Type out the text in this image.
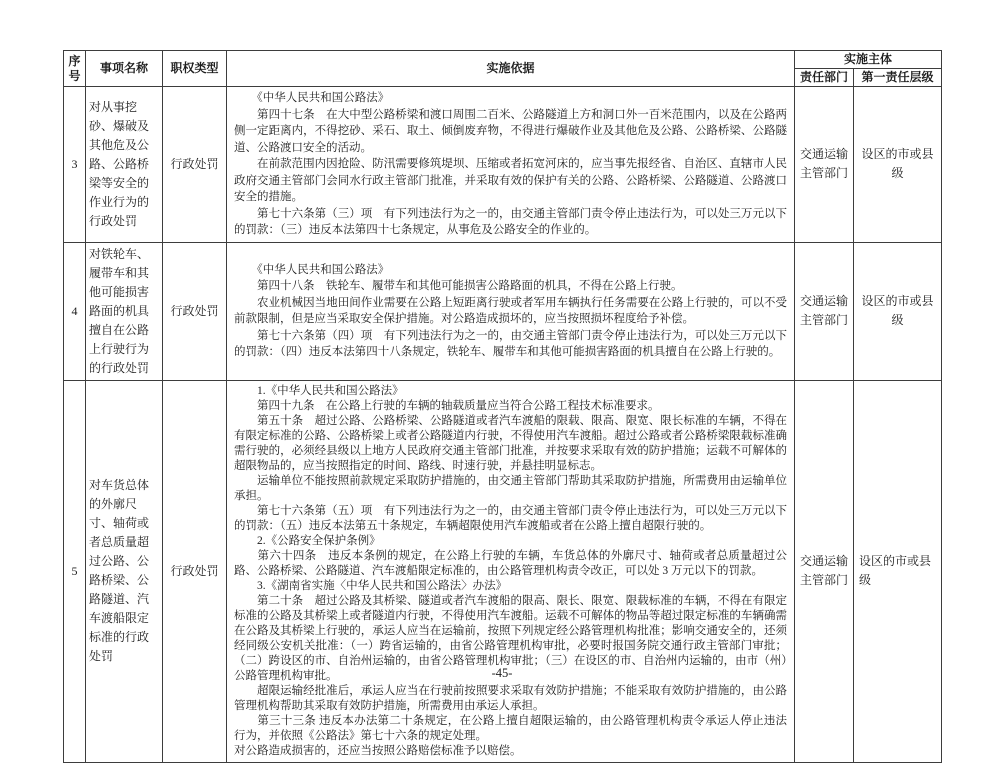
序号	事项名称	职权类型	实施依据	实施主体	
				责任部门	第一责任层级
3	对从事挖砂、爆破及其他危及公路、公路桥梁等安全的作业行为的行政处罚	行政处罚	　　《中华人民共和国公路法》

　　第四十七条　在大中型公路桥梁和渡口周围二百米、公路隧道上方和洞口外一百米范围内，以及在公路两侧一定距离内，不得挖砂、采石、取土、倾倒废弃物，不得进行爆破作业及其他危及公路、公路桥梁、公路隧道、公路渡口安全的活动。

　　在前款范围内因抢险、防汛需要修筑堤坝、压缩或者拓宽河床的，应当事先报经省、自治区、直辖市人民政府交通主管部门会同水行政主管部门批准，并采取有效的保护有关的公路、公路桥梁、公路隧道、公路渡口安全的措施。

　　第七十六条第（三）项　有下列违法行为之一的，由交通主管部门责令停止违法行为，可以处三万元以下的罚款：（三）违反本法第四十七条规定，从事危及公路安全的作业的。	交通运输主管部门	设区的市或县级
4	对铁轮车、履带车和其他可能损害路面的机具擅自在公路上行驶行为的行政处罚	行政处罚	　　《中华人民共和国公路法》

　　第四十八条　铁轮车、履带车和其他可能损害公路路面的机具，不得在公路上行驶。

　　农业机械因当地田间作业需要在公路上短距离行驶或者军用车辆执行任务需要在公路上行驶的，可以不受前款限制，但是应当采取安全保护措施。对公路造成损坏的，应当按照损坏程度给予补偿。

　　第七十六条第（四）项　有下列违法行为之一的，由交通主管部门责令停止违法行为，可以处三万元以下的罚款：（四）违反本法第四十八条规定，铁轮车、履带车和其他可能损害路面的机具擅自在公路上行驶的。	交通运输主管部门	设区的市或县级
5	对车货总体的外廓尺寸、轴荷或者总质量超过公路、公路桥梁、公路隧道、汽车渡船限定标准的行政处罚	行政处罚	

　　1.《中华人民共和国公路法》

　　第四十九条　在公路上行驶的车辆的轴载质量应当符合公路工程技术标准要求。

　　第五十条　超过公路、公路桥梁、公路隧道或者汽车渡船的限载、限高、限宽、限长标准的车辆，不得在有限定标准的公路、公路桥梁上或者公路隧道内行驶，不得使用汽车渡船。超过公路或者公路桥梁限载标准确需行驶的，必须经县级以上地方人民政府交通主管部门批准，并按要求采取有效的防护措施；运载不可解体的超限物品的，应当按照指定的时间、路线、时速行驶，并悬挂明显标志。

　　运输单位不能按照前款规定采取防护措施的，由交通主管部门帮助其采取防护措施，所需费用由运输单位承担。

　　第七十六条第（五）项　有下列违法行为之一的，由交通主管部门责令停止违法行为，可以处三万元以下的罚款：（五）违反本法第五十条规定，车辆超限使用汽车渡船或者在公路上擅自超限行驶的。

　　2.《公路安全保护条例》

　　第六十四条　违反本条例的规定，在公路上行驶的车辆，车货总体的外廓尺寸、轴荷或者总质量超过公路、公路桥梁、公路隧道、汽车渡船限定标准的，由公路管理机构责令改正，可以处 3 万元以下的罚款。

　　3.《湖南省实施〈中华人民共和国公路法〉办法》

　　第二十条　超过公路及其桥梁、隧道或者汽车渡船的限高、限长、限宽、限载标准的车辆，不得在有限定标准的公路及其桥梁上或者隧道内行驶，不得使用汽车渡船。运载不可解体的物品等超过限定标准的车辆确需在公路及其桥梁上行驶的，承运人应当在运输前，按照下列规定经公路管理机构批准；影响交通安全的，还须经同级公安机关批准：（一）跨省运输的，由省公路管理机构审批，必要时报国务院交通行政主管部门审批；（二）跨设区的市、自治州运输的，由省公路管理机构审批；（三）在设区的市、自治州内运输的，由市（州）公路管理机构审批。

　　超限运输经批准后，承运人应当在行驶前按照要求采取有效防护措施；不能采取有效防护措施的，由公路管理机构帮助其采取有效防护措施，所需费用由承运人承担。

　　第三十三条 违反本办法第二十条规定，在公路上擅自超限运输的，由公路管理机构责令承运人停止违法行为，并依照《公路法》第七十六条的规定处理。

对公路造成损害的，还应当按照公路赔偿标准予以赔偿。

	交通运输主管部门	设区的市或县级
-45-
